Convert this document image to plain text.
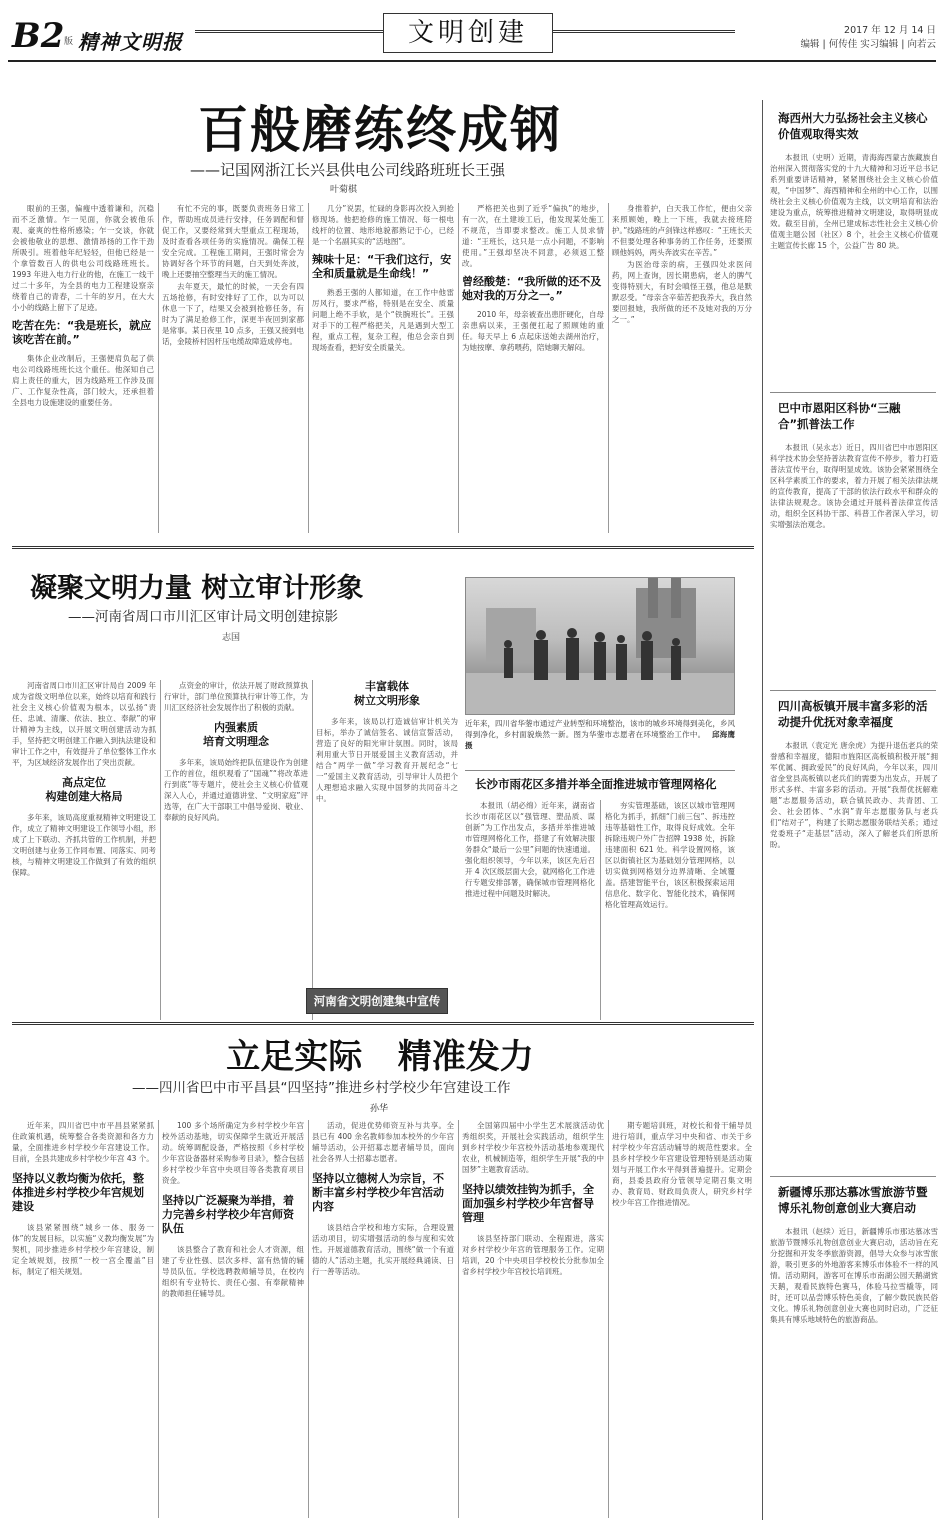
B2 版 精神文明报	文明创建	2017 年 12 月 14 日
编辑 | 何传佳 实习编辑 | 向若云
百般磨练终成钢
——记国网浙江长兴县供电公司线路班班长王强
叶菊棋

眼前的王强，偏瘦中透着谦和，沉稳而不乏激情。乍一见面，你就会被他乐观、豪爽的性格所感染；乍一交谈，你就会被他敬业的思想、激情昂扬的工作干劲所吸引。班着他年纪轻轻，但他已经是一个拿管数百人的供电公司线路班班长。1993 年进入电力行业的他，在施工一线干过二十多年，为全县的电力工程建设察亲绕着自己的青春，二十年的岁月，在大大小小的线路上留下了足迹。

吃苦在先：“我是班长，就应该吃苦在前。”

集体企业改制后，王强便肩负起了供电公司线路班班长这个重任。他深知自己肩上责任的重大，因为线路班工作涉及面广、工作复杂性高，部门较大，还承担着全县电力设施建设的重要任务。

有忙不完的事，既要负责班务日常工作，帮助班成员进行安排，任务调配和督促工作，又要经常到大型重点工程现场，及时查看各项任务的实施情况。确保工程安全完成。工程施工期间，王强时常会为协调好各个环节的问题，白天到处奔波，晚上还要抽空整理当天的施工情况。

去年夏天，最忙的时候，一天会有四五场抢修，有时安排好了工作，以为可以休息一下了，结果又会被到抢修任务，有时为了满足抢修工作，深更半夜回到家都是常事。某日夜里 10 点多，王强又接到电话，金陵桥村因杆压电缆故障造成停电。

几分”说罢，忙碌的身影再次投入到抢修现场。他把抢修的施工情况、每一根电线杆的位置、地形地貌都熟记于心，已经是一个名副其实的“活地图”。

辣味十足：“干我们这行，安全和质量就是生命线！”

熟悉王强的人都知道，在工作中他雷厉风行，要求严格，特别是在安全、质量问题上绝不手软，是个“铁腕班长”。王强对手下的工程严格把关，凡是遇到大型工程，重点工程，复杂工程，他总会亲自到现场查看，把好安全质量关。

严格把关也到了近乎“偏执”的地步，有一次，在土建竣工后，他发现某处施工不规范，当即要求整改。施工人员求情道：“王班长，这只是一点小问题，不影响使用。”王强却坚决不同意，必须返工整改。

曾经酸楚：“我所做的还不及她对我的万分之一。”

2010 年，母亲被查出患肝硬化，自母亲患病以来，王强便扛起了照顾她的重任。每天早上 6 点起床送她去湖州治疗，为她按摩、拿药喂药，陪她聊天解闷。

身推着护，白天我工作忙，便由父亲来照顾她，晚上一下班，我就去接班陪护。”线路班的卢剑锋这样感叹：“王班长天不但要处理各种事务的工作任务，还要照顾他妈妈，两头奔波实在辛苦。”

为医治母亲的病，王强四处求医问药，网上查询，因长期患病，老人的脾气变得特别大，有时会嗔怪王强，他总是默默忍受。“母亲含辛茹苦把我养大，我自然要回报她，我所做的还不及她对我的万分之一。”

凝聚文明力量 树立审计形象
——河南省周口市川汇区审计局文明创建掠影
志国

河南省周口市川汇区审计局自 2009 年成为省级文明单位以来，始终以培育和践行社会主义核心价值观为根本，以弘扬“责任、忠诚、清廉、依法、独立、奉献”的审计精神为主线，以开展文明创建活动为抓手，坚持把文明创建工作融入到执法建设和审计工作之中，有效提升了单位整体工作水平，为区域经济发展作出了突出贡献。

高点定位
构建创建大格局

多年来，该局高度重视精神文明建设工作，成立了精神文明建设工作领导小组，形成了上下联动、齐抓共管的工作机制，并把文明创建与业务工作同布置、同落实、同考核，与精神文明建设工作做到了有效的组织保障。

点资金的审计，依法开展了财政预算执行审计，部门单位预算执行审计等工作，为川汇区经济社会发展作出了积极的贡献。

内强素质
培育文明理念

多年来，该局始终把队伍建设作为创建工作的首位，组织观看了“国魂”“将改革进行到底”等专题片，使社会主义核心价值观深入人心，并通过道德讲堂、“文明家庭”评选等，在广大干部职工中倡导爱岗、敬业、奉献的良好风尚。

丰富载体
树立文明形象

多年来，该局以打造诚信审计机关为目标，举办了诚信签名、诚信宣誓活动，营造了良好的阳光审计氛围。同时，该局利用重大节日开展爱国主义教育活动，并结合“两学一做”学习教育开展纪念“七一”爱国主义教育活动，引导审计人员把个人理想追求融入实现中国梦的共同奋斗之中。

河南省文明创建集中宣传
近年来，四川省华蓥市通过产业转型和环境整治，该市的城乡环境得到美化，乡风得到净化，乡村面貌焕然一新。图为华蓥市志愿者在环境整治工作中。 邱海鹰 摄
长沙市雨花区多措并举全面推进城市管理网格化

本报讯（胡必绵）近年来，湖南省长沙市雨花区以“强管理、塑品质、谋创新”为工作出发点，多措并举推进城市管理网格化工作，搭建了有效解决服务群众“最后一公里”问题的快速通道。强化组织领导，今年以来，该区先后召开 4 次区级层面大会，就网格化工作进行专题安排部署，确保城市管理网格化推进过程中问题及时解决。

夯实管理基础，该区以城市管理网格化为抓手，抓细“门前三包”、拆违控违等基础性工作，取得良好成效。全年拆除违规户外广告招牌 1938 处，拆除违建面积 621 处。科学设置网格，该区以街镇社区为基础划分管理网格，以切实做到网格划分边界清晰、全域覆盖。搭建智能平台，该区积极探索运用信息化、数字化、智能化技术，确保网格化管理高效运行。

立足实际   精准发力
——四川省巴中市平昌县“四坚持”推进乡村学校少年宫建设工作
孙华

近年来，四川省巴中市平昌县紧紧抓住政策机遇，统筹整合各类资源和各方力量，全面推进乡村学校少年宫建设工作。目前，全县共建成乡村学校少年宫 43 个。

坚持以义教均衡为依托，整体推进乡村学校少年宫规划建设

该县紧紧围绕“城乡一体、服务一体”的发展目标，以实施“义教均衡发展”为契机，同步推进乡村学校少年宫建设，制定全域规划，按照“一校一宫全覆盖”目标，制定了相关规划。

100 多个场所确定为乡村学校少年宫校外活动基地，切实保障学生就近开展活动。统筹调配设备，严格按照《乡村学校少年宫设备器材采购参考目录》，整合包括乡村学校少年宫中央项目等各类教育项目资金。

坚持以广泛凝聚为举措，着力完善乡村学校少年宫师资队伍

该县整合了教育和社会人才资源，组建了专业性强、层次多样、富有热情的辅导员队伍。学校选聘教师辅导员，在校内组织有专业特长、责任心强、有奉献精神的教师担任辅导员。

活动，促进优势师资互补与共享。全县已有 400 余名教师参加本校外的少年宫辅导活动，公开招募志愿者辅导员，面向社会各界人士招募志愿者。

坚持以立德树人为宗旨，不断丰富乡村学校少年宫活动内容

该县结合学校和地方实际，合理设置活动项目，切实增强活动的参与度和实效性。开展道德教育活动，围绕“做一个有道德的人”活动主题，扎实开展经典诵读、日行一善等活动。

全国第四届中小学生艺术展演活动优秀组织奖，开展社会实践活动，组织学生到乡村学校少年宫校外活动基地参观现代农业，机械制造等，组织学生开展“我的中国梦”主题教育活动。

坚持以绩效挂钩为抓手，全面加强乡村学校少年宫督导管理

该县坚持部门联动、全程跟进，落实对乡村学校少年宫的管理服务工作。定期培训，20 个中央项目学校校长分批参加全省乡村学校少年宫校长培训班。

期专题培训班，对校长和骨干辅导员进行培训，重点学习中央和省、市关于乡村学校少年宫活动辅导的规范性要求。全县乡村学校少年宫建设管理特别是活动策划与开展工作水平得到普遍提升。定期会商，县委县政府分管领导定期召集文明办、教育局、财政局负责人，研究乡村学校少年宫工作推进情况。

海西州大力弘扬社会主义核心价值观取得实效
本报讯（史明）近期，青海海西蒙古族藏族自治州深入贯彻落实党的十九大精神和习近平总书记系列重要讲话精神，紧紧围绕社会主义核心价值观，“中国梦”、海西精神和全州的中心工作，以围绕社会主义核心价值观为主线，以文明培育和法治建设为重点，统筹推进精神文明建设，取得明显成效。截至目前，全州已建成标志性社会主义核心价值观主题公园（社区）8 个，社会主义核心价值观主题宣传长廊 15 个，公益广告 80 块。
巴中市恩阳区科协“三融合”抓普法工作
本报讯（吴永志）近日，四川省巴中市恩阳区科学技术协会坚持普法教育宣传不停步，着力打造普法宣传平台，取得明显成效。该协会紧紧围绕全区科学素质工作的要求，着力开展了相关法律法规的宣传教育，提高了干部的依法行政水平和群众的法律法规观念。该协会通过开展科普法律宣传活动，组织全区科协干部、科普工作者深入学习，切实增强法治观念。
四川高板镇开展丰富多彩的活动提升优抚对象幸福度
本报讯（袁定光 唐余虎）为提升退伍老兵的荣誉感和幸福度，德阳市旌阳区高板镇积极开展“拥军优属、拥政爱民”的良好风尚，今年以来，四川省金堂县高板镇以老兵们的需要为出发点，开展了形式多样、丰富多彩的活动。开展“我帮优抚解难题”志愿服务活动，联合镇民政办、共青团、工会、社会团体、“水润”青年志愿服务队与老兵们“结对子”，构建了长期志愿服务联结关系；通过党委班子“走基层”活动，深入了解老兵们所思所盼。
新疆博乐那达慕冰雪旅游节暨博乐礼物创意创业大赛启动
本报讯（赵续）近日，新疆博乐市那达慕冰雪旅游节暨博乐礼物创意创业大赛启动，活动旨在充分挖掘和开发冬季旅游资源，倡导大众参与冰雪旅游，吸引更多的外地游客来博乐市体验不一样的风情。活动期间，游客可在博乐市南湖公园天鹅湖赏天鹅，观看民族特色赛马，体验马拉雪橇等，同时，还可以品尝博乐特色美食，了解少数民族民俗文化。博乐礼物创意创业大赛也同时启动，广泛征集具有博乐地域特色的旅游商品。
